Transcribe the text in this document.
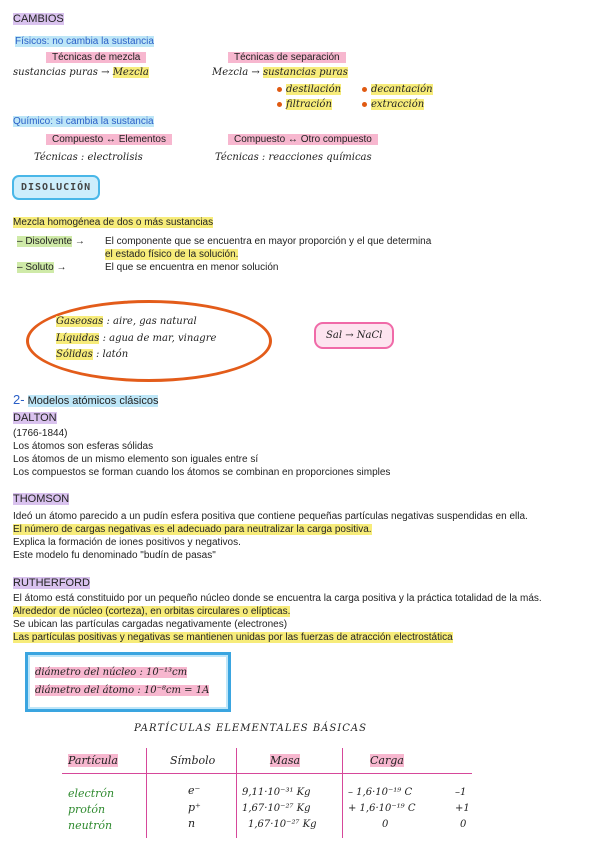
CAMBIOS
Físicos: no cambia la sustancia
Técnicas de mezcla	Técnicas de separación
sustancias puras → Mezcla	Mezcla → sustancias puras
destilación	decantación
filtración	extracción
Químico: si cambia la sustancia
Compuesto ↔ Elementos	Compuesto ↔ Otro compuesto
Técnicas : electrolisis	Técnicas : reacciones químicas
DISOLUCIÓN
Mezcla homogénea de dos o más sustancias
– Disolvente → El componente que se encuentra en mayor proporción y el que determina
el estado físico de la solución.
– Soluto →	El que se encuentra en menor solución
Gaseosas : aire, gas natural
Líquidas : agua de mar, vinagre
Sólidas : latón
Sal → NaCl
2- Modelos atómicos clásicos
DALTON
(1766-1844)
Los átomos son esferas sólidas
Los átomos de un mismo elemento son iguales entre sí
Los compuestos se forman cuando los átomos se combinan en proporciones simples
THOMSON
Ideó un átomo parecido a un pudín esfera positiva que contiene pequeñas partículas negativas suspendidas en ella.
El número de cargas negativas es el adecuado para neutralizar la carga positiva.
Explica la formación de iones positivos y negativos.
Este modelo fu denominado "budín de pasas"
RUTHERFORD
El átomo está constituido por un pequeño núcleo donde se encuentra la carga positiva y la práctica totalidad de la más.
Alrededor de núcleo (corteza), en orbitas circulares o elípticas.
Se ubican las partículas cargadas negativamente (electrones)
Las partículas positivas y negativas se mantienen unidas por las fuerzas de atracción electrostática
diámetro del núcleo : 10⁻¹³cm
diámetro del átomo : 10⁻⁸cm = 1A
PARTÍCULAS ELEMENTALES BÁSICAS
Partícula	Símbolo	Masa	Carga
electrón	e⁻	9,11·10⁻³¹ Kg	– 1,6·10⁻¹⁹ C	–1
protón	p⁺	1,67·10⁻²⁷ Kg	+ 1,6·10⁻¹⁹ C	+1
neutrón	n	1,67·10⁻²⁷ Kg	0	0
